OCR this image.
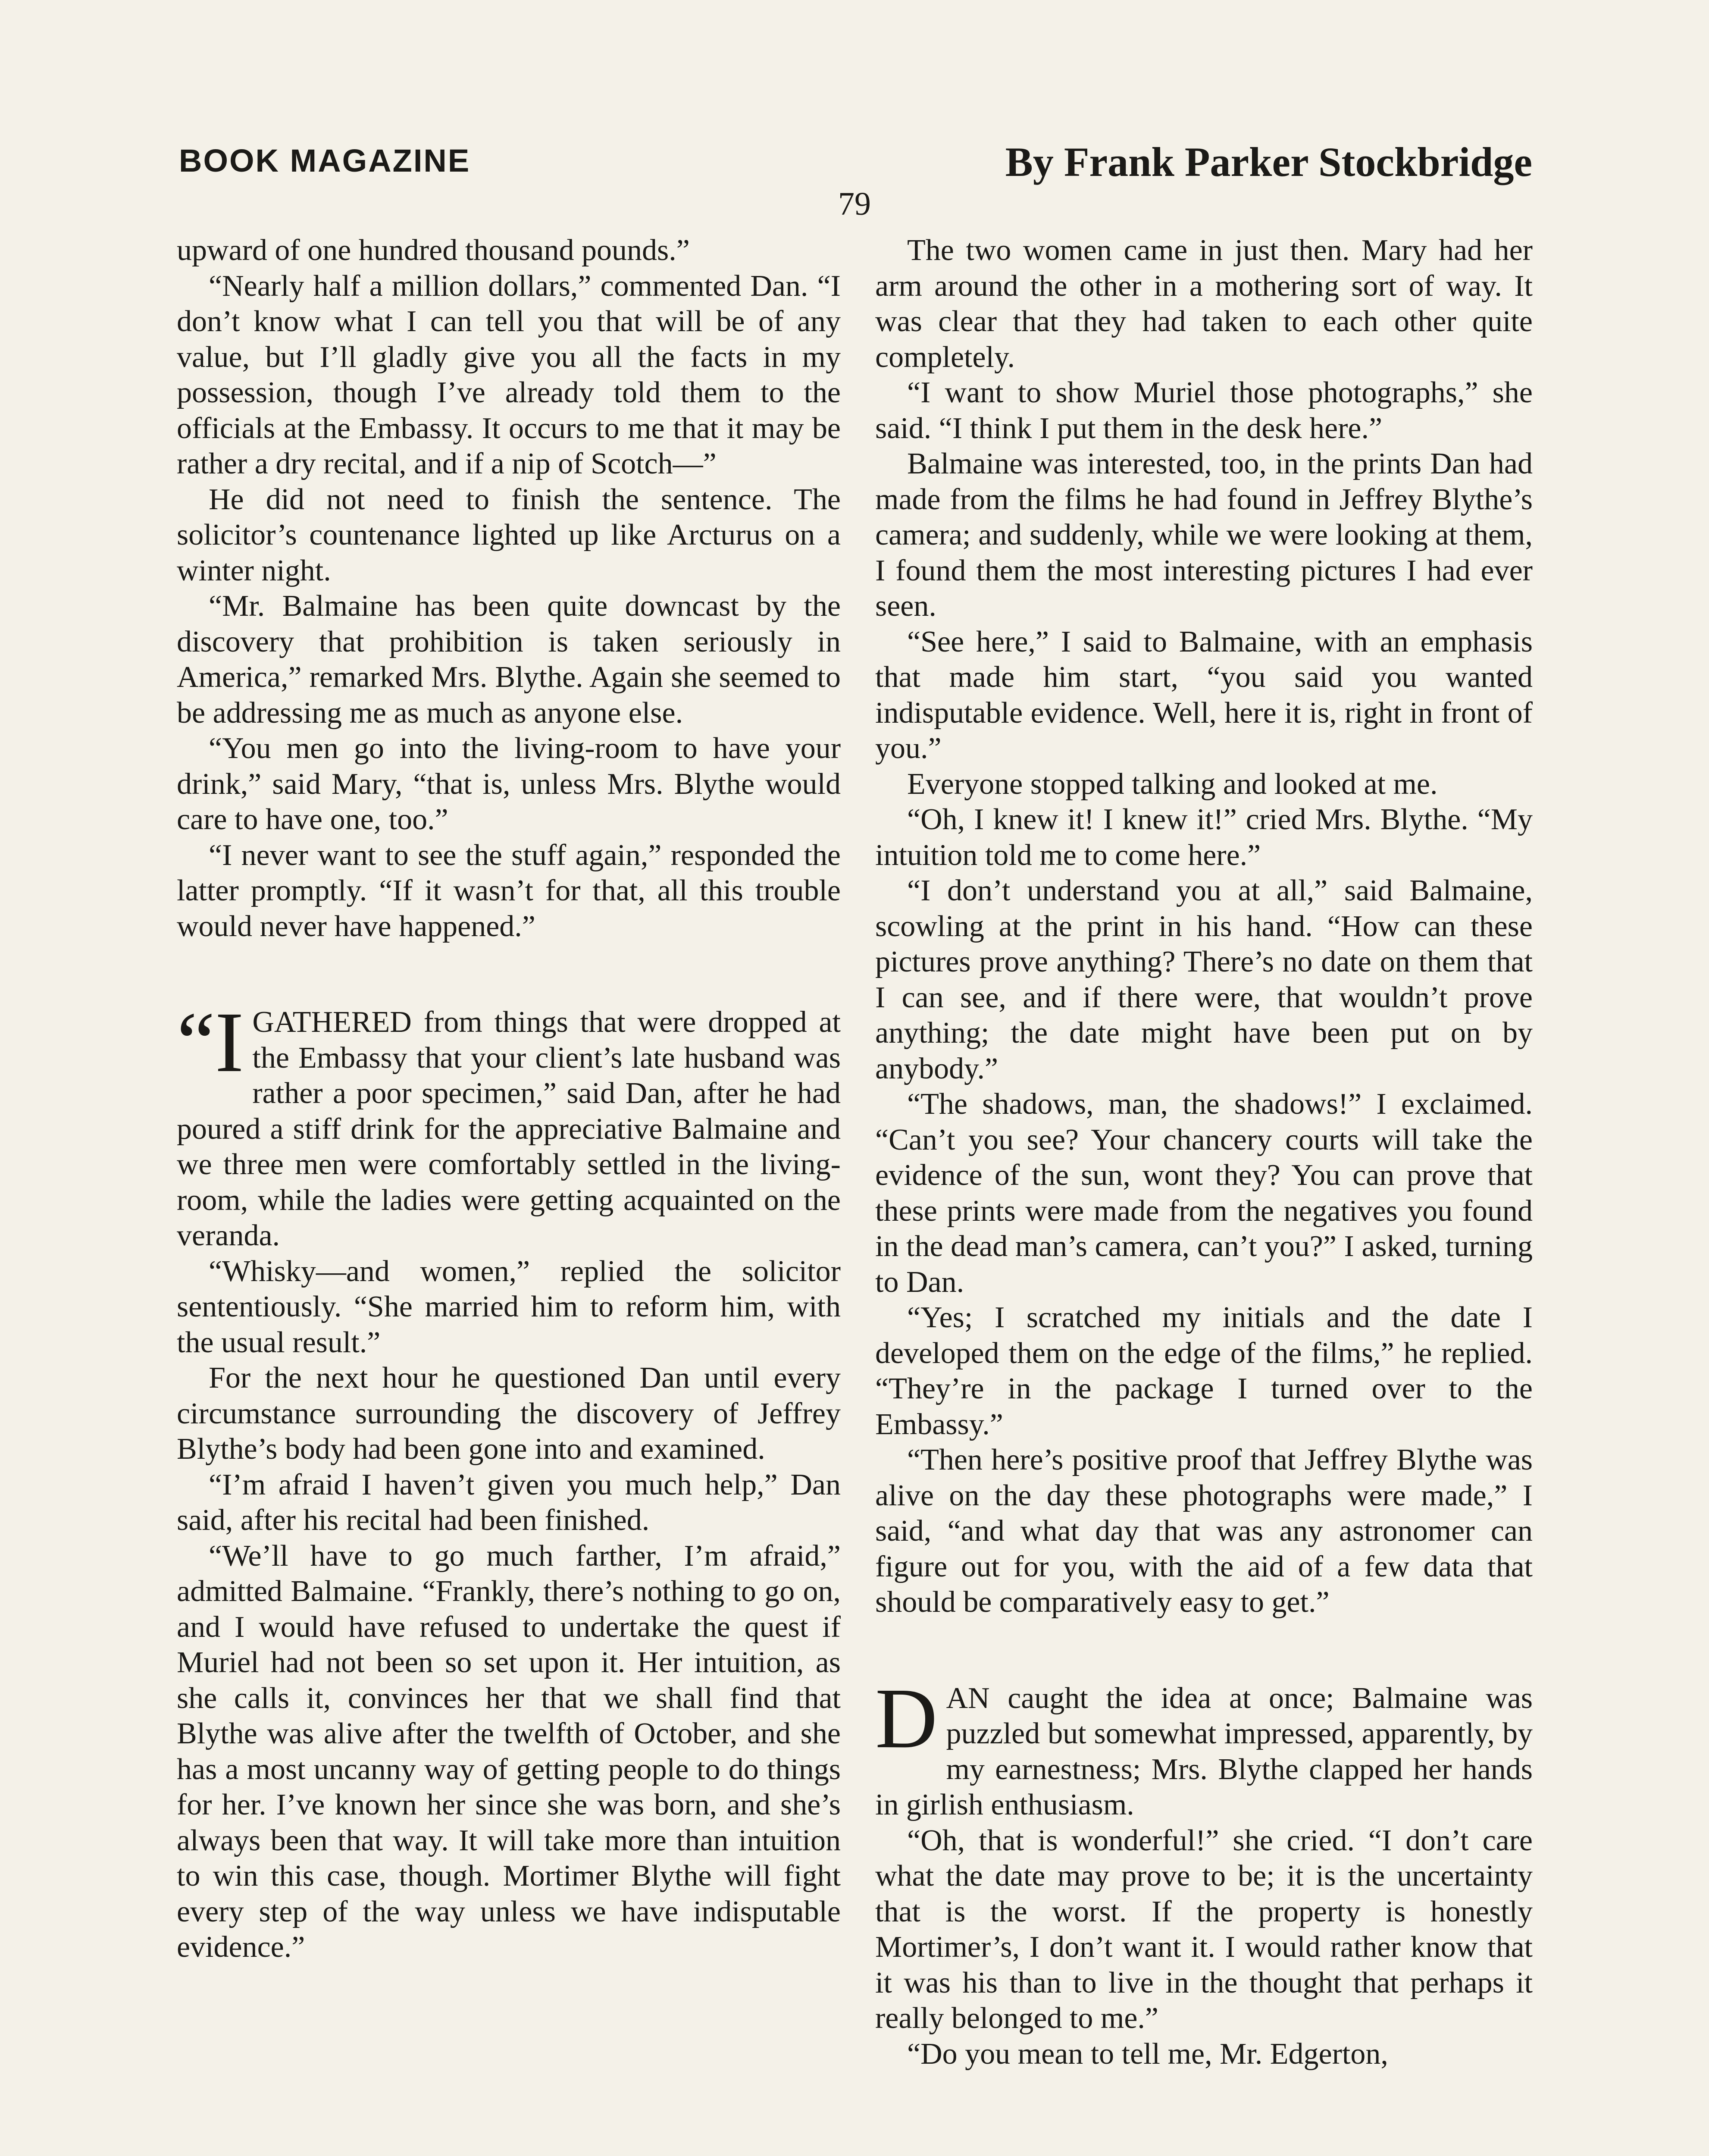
BOOK MAGAZINE	By Frank Parker Stockbridge
79

upward of one hundred thousand pounds.”

“Nearly half a million dollars,” commented Dan. “I don’t know what I can tell you that will be of any value, but I’ll gladly give you all the facts in my possession, though I’ve already told them to the officials at the Embassy. It occurs to me that it may be rather a dry recital, and if a nip of Scotch—”

He did not need to finish the sentence. The solicitor’s countenance lighted up like Arcturus on a winter night.

“Mr. Balmaine has been quite downcast by the discovery that prohibition is taken seriously in America,” remarked Mrs. Blythe. Again she seemed to be addressing me as much as anyone else.

“You men go into the living-room to have your drink,” said Mary, “that is, unless Mrs. Blythe would care to have one, too.”

“I never want to see the stuff again,” responded the latter promptly. “If it wasn’t for that, all this trouble would never have happened.”

“I GATHERED from things that were dropped at the Embassy that your client’s late husband was rather a poor specimen,” said Dan, after he had poured a stiff drink for the appreciative Balmaine and we three men were comfortably settled in the living-room, while the ladies were getting acquainted on the veranda.

“Whisky—and women,” replied the solicitor sententiously. “She married him to reform him, with the usual result.”

For the next hour he questioned Dan until every circumstance surrounding the discovery of Jeffrey Blythe’s body had been gone into and examined.

“I’m afraid I haven’t given you much help,” Dan said, after his recital had been finished.

“We’ll have to go much farther, I’m afraid,” admitted Balmaine. “Frankly, there’s nothing to go on, and I would have refused to undertake the quest if Muriel had not been so set upon it. Her intuition, as she calls it, convinces her that we shall find that Blythe was alive after the twelfth of October, and she has a most uncanny way of getting people to do things for her. I’ve known her since she was born, and she’s always been that way. It will take more than intuition to win this case, though. Mortimer Blythe will fight every step of the way unless we have indisputable evidence.”

The two women came in just then. Mary had her arm around the other in a mothering sort of way. It was clear that they had taken to each other quite completely.

“I want to show Muriel those photographs,” she said. “I think I put them in the desk here.”

Balmaine was interested, too, in the prints Dan had made from the films he had found in Jeffrey Blythe’s camera; and suddenly, while we were looking at them, I found them the most interesting pictures I had ever seen.

“See here,” I said to Balmaine, with an emphasis that made him start, “you said you wanted indisputable evidence. Well, here it is, right in front of you.”

Everyone stopped talking and looked at me.

“Oh, I knew it! I knew it!” cried Mrs. Blythe. “My intuition told me to come here.”

“I don’t understand you at all,” said Balmaine, scowling at the print in his hand. “How can these pictures prove anything? There’s no date on them that I can see, and if there were, that wouldn’t prove anything; the date might have been put on by anybody.”

“The shadows, man, the shadows!” I exclaimed. “Can’t you see? Your chancery courts will take the evidence of the sun, wont they? You can prove that these prints were made from the negatives you found in the dead man’s camera, can’t you?” I asked, turning to Dan.

“Yes; I scratched my initials and the date I developed them on the edge of the films,” he replied. “They’re in the package I turned over to the Embassy.”

“Then here’s positive proof that Jeffrey Blythe was alive on the day these photographs were made,” I said, “and what day that was any astronomer can figure out for you, with the aid of a few data that should be comparatively easy to get.”

D AN caught the idea at once; Balmaine was puzzled but somewhat impressed, apparently, by my earnestness; Mrs. Blythe clapped her hands in girlish enthusiasm.

“Oh, that is wonderful!” she cried. “I don’t care what the date may prove to be; it is the uncertainty that is the worst. If the property is honestly Mortimer’s, I don’t want it. I would rather know that it was his than to live in the thought that perhaps it really belonged to me.”

“Do you mean to tell me, Mr. Edgerton,
